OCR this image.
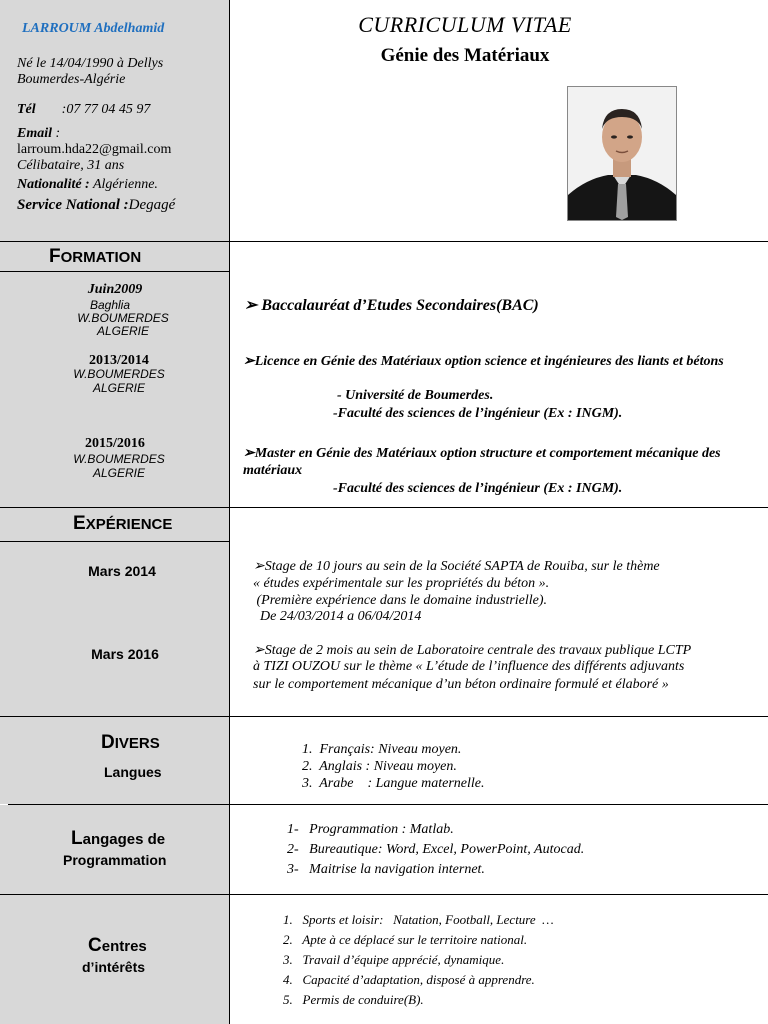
LARROUM Abdelhamid
Né le 14/04/1990 à Dellys
Boumerdes-Algérie
Tél :07 77 04 45 97
Email :
larroum.hda22@gmail.com
Célibataire, 31 ans
Nationalité : Algérienne.
Service National :Degagé
CURRICULUM VITAE
Génie des Matériaux
FORMATION
Juin2009
Baghlia
W.BOUMERDES
ALGERIE
➢ Baccalauréat d’Etudes Secondaires(BAC)
2013/2014
W.BOUMERDES
ALGERIE
➢Licence en Génie des Matériaux option science et ingénieures des liants et bétons
- Université de Boumerdes.
-Faculté des sciences de l’ingénieur (Ex : INGM).
2015/2016
W.BOUMERDES
ALGERIE
➢Master en Génie des Matériaux option structure et comportement mécanique des matériaux
-Faculté des sciences de l’ingénieur (Ex : INGM).
EXPÉRIENCE
Mars 2014	➢Stage de 10 jours au sein de la Société SAPTA de Rouiba, sur le thème
« études expérimentale sur les propriétés du béton ».
(Première expérience dans le domaine industrielle).
De 24/03/2014 a 06/04/2014
Mars 2016	➢Stage de 2 mois au sein de Laboratoire centrale des travaux publique LCTP
à TIZI OUZOU sur le thème « L’étude de l’influence des différents adjuvants
sur le comportement mécanique d’un béton ordinaire formulé et élaboré »
DIVERS
Langues
1. Français: Niveau moyen.
2. Anglais : Niveau moyen.
3. Arabe    : Langue maternelle.
Langages de
Programmation
1- Programmation : Matlab.
2- Bureautique: Word, Excel, PowerPoint, Autocad.
3- Maitrise la navigation internet.
Centres
d’intérêts
1. Sports et loisir:   Natation, Football, Lecture  …
2. Apte à ce déplacé sur le territoire national.
3. Travail d’équipe apprécié, dynamique.
4. Capacité d’adaptation, disposé à apprendre.
5. Permis de conduire(B).
